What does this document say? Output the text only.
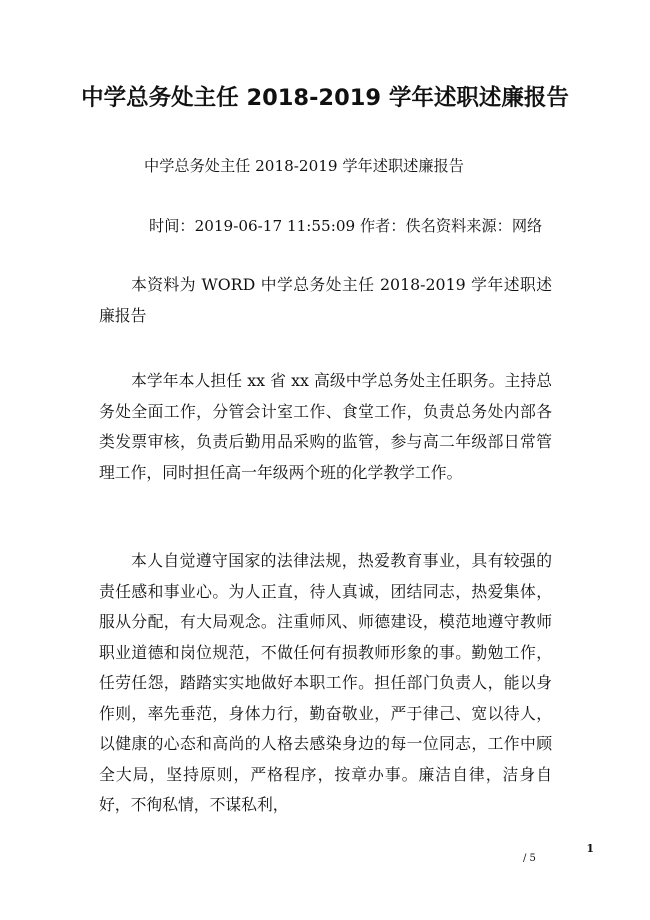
中学总务处主任 2018-2019 学年述职述廉报告
中学总务处主任 2018-2019 学年述职述廉报告
时间：2019-06-17 11:55:09 作者：佚名资料来源：网络

本资料为 WORD 中学总务处主任 2018-2019 学年述职述廉报告

本学年本人担任 xx 省 xx 高级中学总务处主任职务。主持总务处全面工作，分管会计室工作、食堂工作，负责总务处内部各类发票审核，负责后勤用品采购的监管，参与高二年级部日常管理工作，同时担任高一年级两个班的化学教学工作。

本人自觉遵守国家的法律法规，热爱教育事业，具有较强的责任感和事业心。为人正直，待人真诚，团结同志，热爱集体，服从分配，有大局观念。注重师风、师德建设，模范地遵守教师职业道德和岗位规范，不做任何有损教师形象的事。勤勉工作，任劳任怨，踏踏实实地做好本职工作。担任部门负责人，能以身作则，率先垂范，身体力行，勤奋敬业，严于律己、宽以待人，以健康的心态和高尚的人格去感染身边的每一位同志，工作中顾全大局，坚持原则，严格程序，按章办事。廉洁自律，洁身自好，不徇私情，不谋私利，

1
/ 5
